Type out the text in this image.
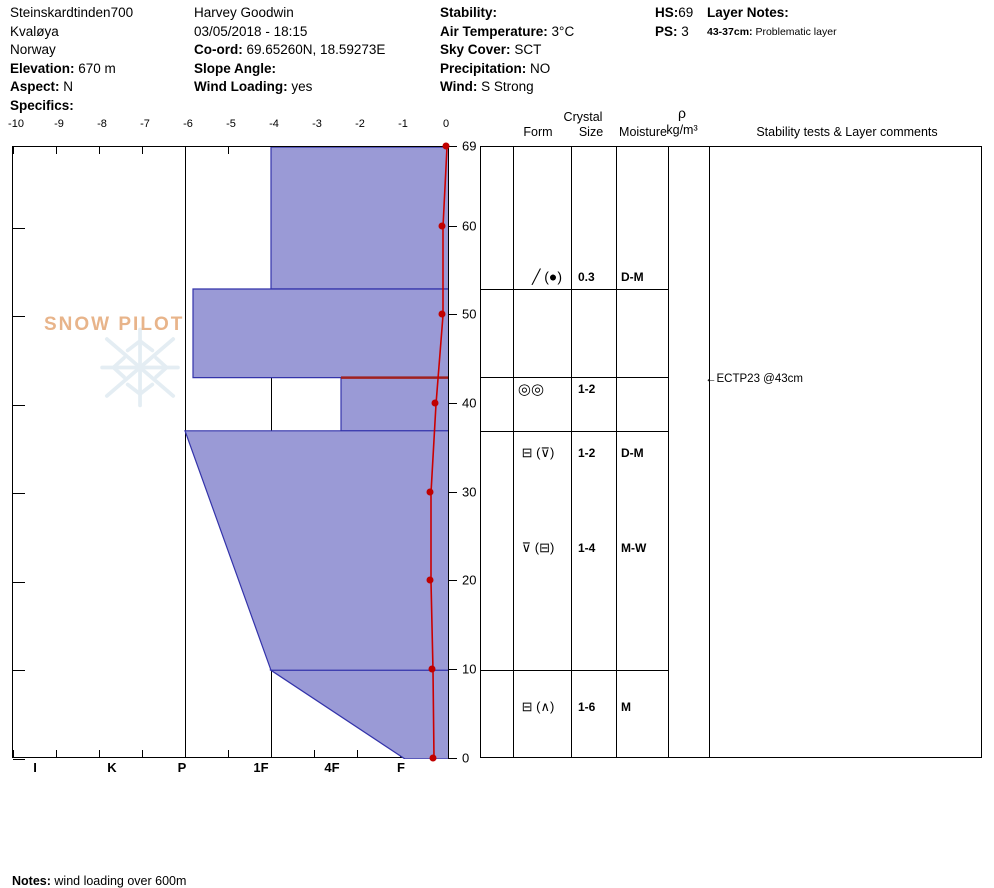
Steinskardtinden700
Kvaløya
Norway
Elevation: 670 m
Aspect: N
Specifics:
Harvey Goodwin
03/05/2018 - 18:15
Co-ord: 69.65260N, 18.59273E
Slope Angle:
Wind Loading: yes
Stability:
Air Temperature: 3°C
Sky Cover: SCT
Precipitation: NO
Wind: S Strong
HS:69
PS: 3
Layer Notes:
43-37cm: Problematic layer
-10	-9	-8	-7	-6	-5	-4	-3	-2	-1	0
SNOW PILOT
I	K	P	1F	4F	F
69
60
50
40
30
20
10
0
Crystal
Form	Size	Moisture
ρ
kg/m³	Stability tests & Layer comments
╱ (●) 0.3 D-M
◎◎	1-2
⊟ (⊽) 1-2 D-M
⊽ (⊟) 1-4 M-W
⊟ (∧) 1-6 M
←ECTP23 @43cm
Notes: wind loading over 600m
